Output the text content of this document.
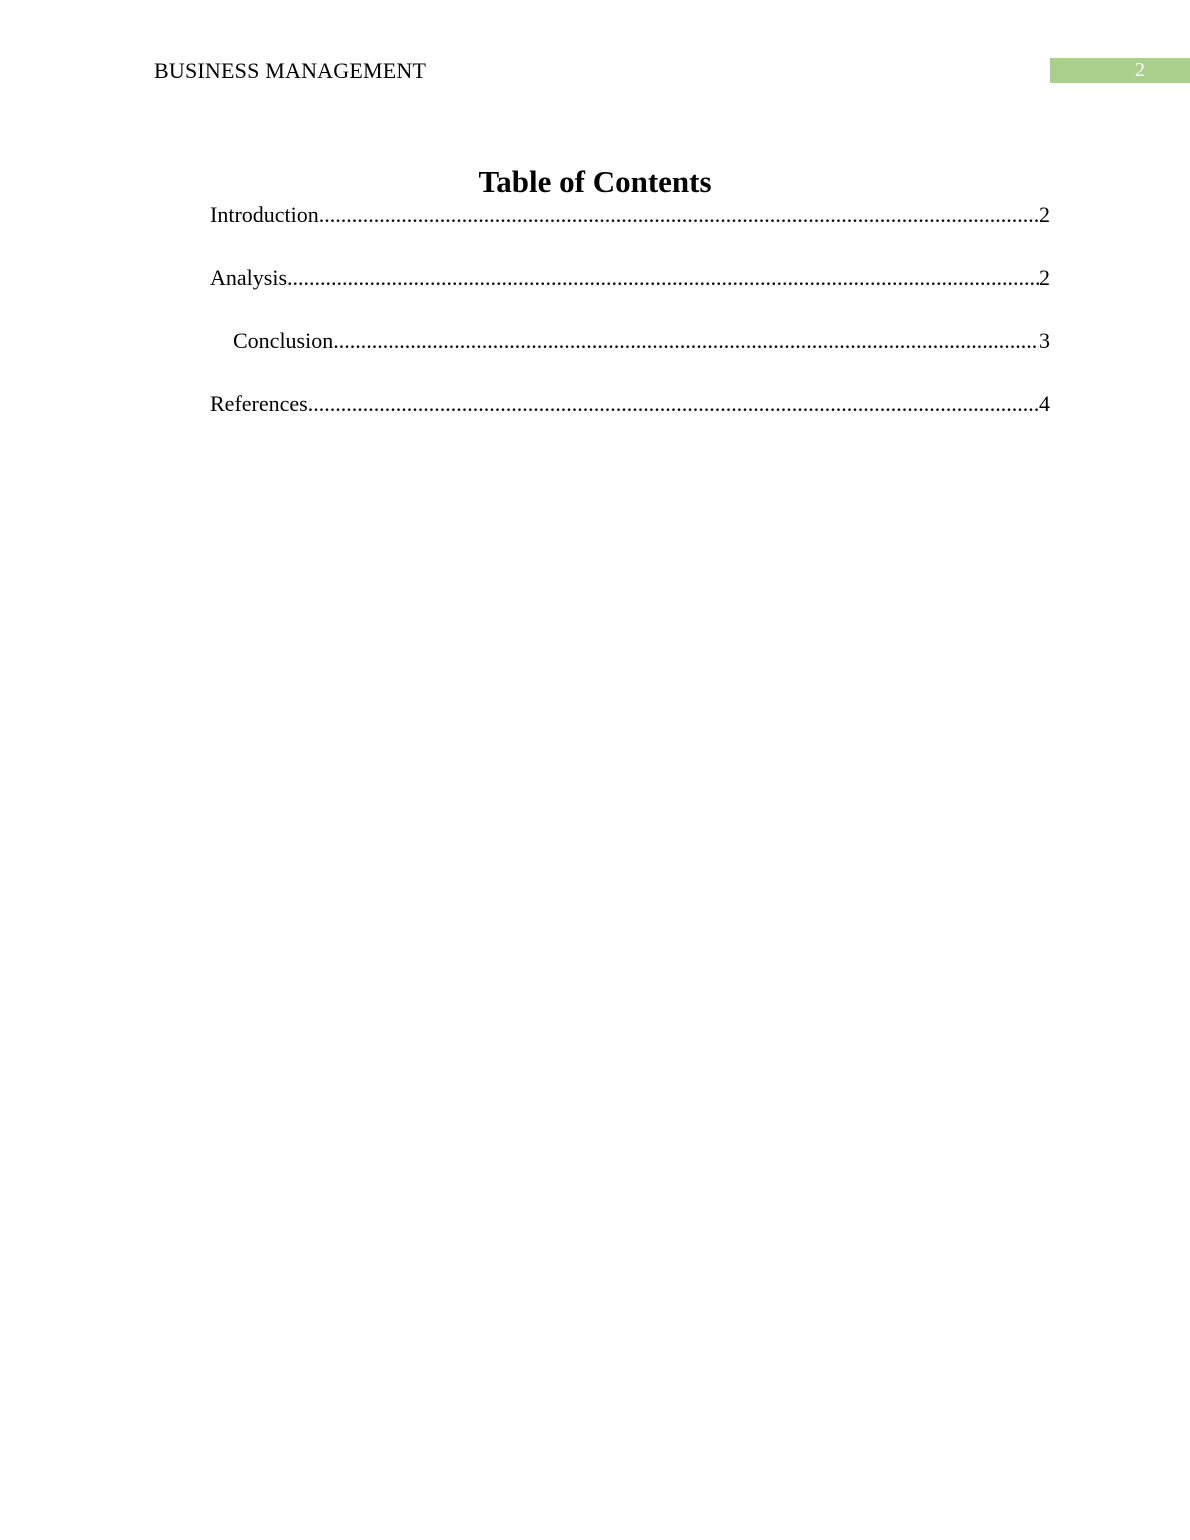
BUSINESS MANAGEMENT	2
Table of Contents
Introduction .....	2
Analysis .....	2
Conclusion .....	3
References .....	4
